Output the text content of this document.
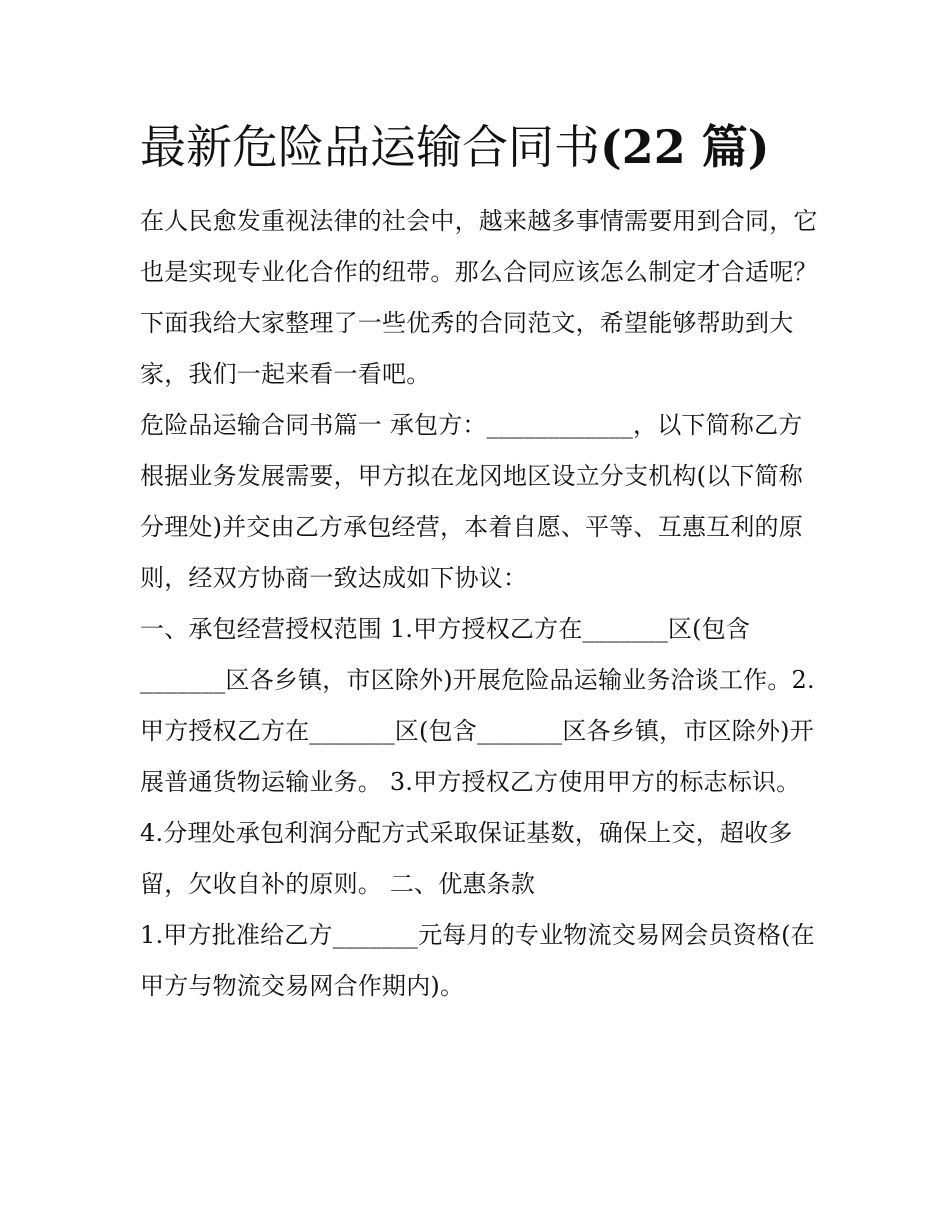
最新危险品运输合同书(22 篇)

在人民愈发重视法律的社会中，越来越多事情需要用到合同，它也是实现专业化合作的纽带。那么合同应该怎么制定才合适呢？下面我给大家整理了一些优秀的合同范文，希望能够帮助到大家，我们一起来看一看吧。

危险品运输合同书篇一 承包方：____________，以下简称乙方

根据业务发展需要，甲方拟在龙冈地区设立分支机构(以下简称分理处)并交由乙方承包经营，本着自愿、平等、互惠互利的原则，经双方协商一致达成如下协议：

一、承包经营授权范围 1.甲方授权乙方在_______区(包含_______区各乡镇，市区除外)开展危险品运输业务洽谈工作。2.甲方授权乙方在_______区(包含_______区各乡镇，市区除外)开展普通货物运输业务。 3.甲方授权乙方使用甲方的标志标识。

4.分理处承包利润分配方式采取保证基数，确保上交，超收多留，欠收自补的原则。 二、优惠条款

1.甲方批准给乙方_______元每月的专业物流交易网会员资格(在甲方与物流交易网合作期内)。
